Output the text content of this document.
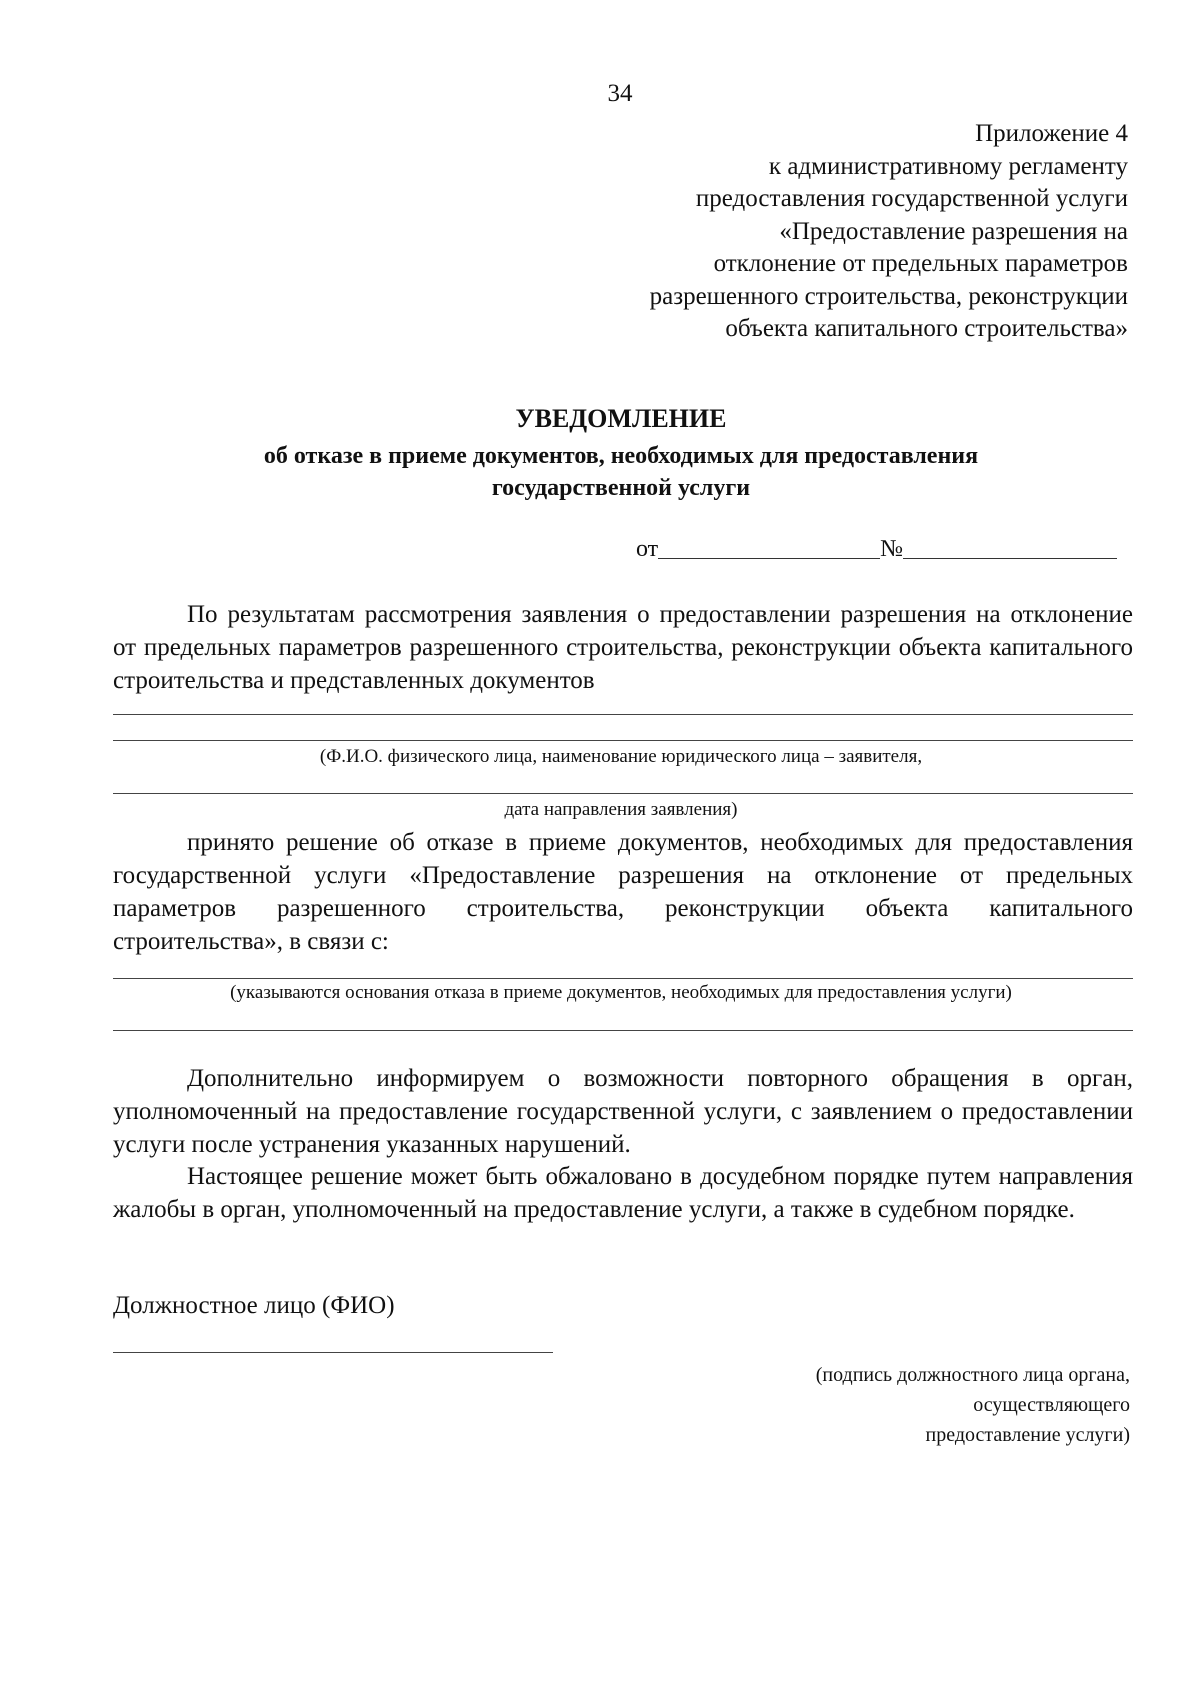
34
Приложение 4
к административному регламенту
предоставления государственной услуги
«Предоставление разрешения на
отклонение от предельных параметров
разрешенного строительства, реконструкции
объекта капитального строительства»
УВЕДОМЛЕНИЕ
об отказе в приеме документов, необходимых для предоставления
государственной услуги
от	№
По результатам рассмотрения заявления о предоставлении разрешения на отклонение от предельных параметров разрешенного строительства, реконструкции объекта капитального строительства и представленных документов
(Ф.И.О. физического лица, наименование юридического лица – заявителя,
дата направления заявления)
принято решение об отказе в приеме документов, необходимых для предоставления государственной услуги «Предоставление разрешения на отклонение от предельных параметров разрешенного строительства, реконструкции объекта капитального строительства», в связи с:
(указываются основания отказа в приеме документов, необходимых для предоставления услуги)
Дополнительно информируем о возможности повторного обращения в орган, уполномоченный на предоставление государственной услуги, с заявлением о предоставлении услуги после устранения указанных нарушений.
Настоящее решение может быть обжаловано в досудебном порядке путем направления жалобы в орган, уполномоченный на предоставление услуги, а также в судебном порядке.
Должностное лицо (ФИО)
(подпись должностного лица органа,
осуществляющего
предоставление услуги)
